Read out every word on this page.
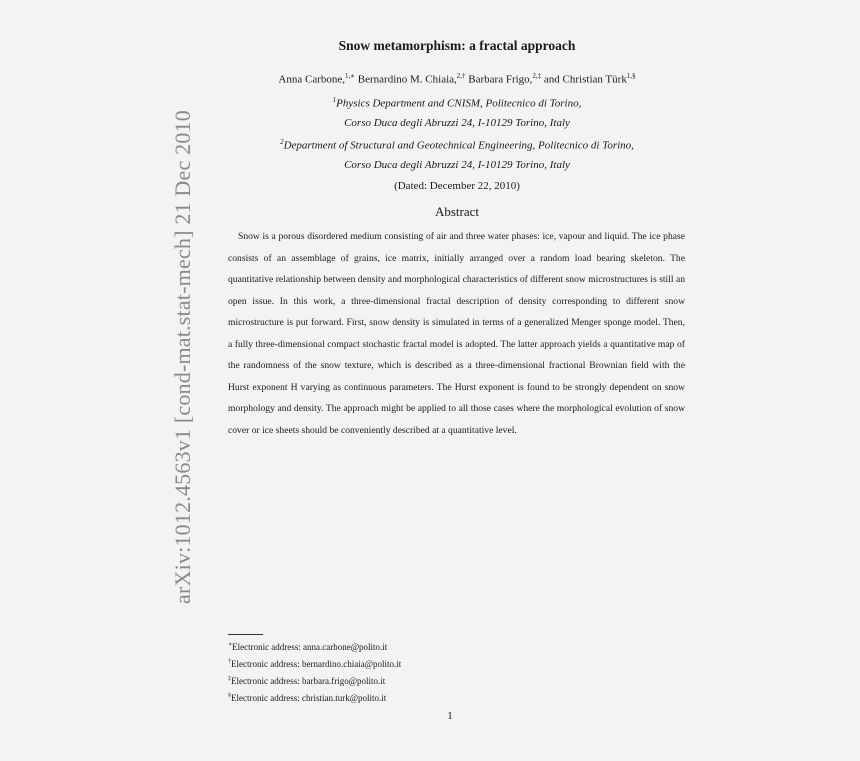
arXiv:1012.4563v1 [cond-mat.stat-mech] 21 Dec 2010
Snow metamorphism: a fractal approach
Anna Carbone,$^{1,∗}$ Bernardino M. Chiaia,$^{2,\dagger}$ Barbara Frigo,$^{2,\ddagger}$ and Christian Türk$^{1,\S}$
$^1$Physics Department and CNISM, Politecnico di Torino,
Corso Duca degli Abruzzi 24, I-10129 Torino, Italy
$^2$Department of Structural and Geotechnical Engineering, Politecnico di Torino,
Corso Duca degli Abruzzi 24, I-10129 Torino, Italy
(Dated: December 22, 2010)
Abstract

Snow is a porous disordered medium consisting of air and three water phases: ice, vapour and liquid. The ice phase consists of an assemblage of grains, ice matrix, initially arranged over a random load bearing skeleton. The quantitative relationship between density and morphological characteristics of different snow microstructures is still an open issue. In this work, a three-dimensional fractal description of density corresponding to different snow microstructure is put forward. First, snow density is simulated in terms of a generalized Menger sponge model. Then, a fully three-dimensional compact stochastic fractal model is adopted. The latter approach yields a quantitative map of the randomness of the snow texture, which is described as a three-dimensional fractional Brownian field with the Hurst exponent H varying as continuous parameters. The Hurst exponent is found to be strongly dependent on snow morphology and density. The approach might be applied to all those cases where the morphological evolution of snow cover or ice sheets should be conveniently described at a quantitative level.

∗Electronic address: anna.carbone@polito.it
†Electronic address: bernardino.chiaia@polito.it
‡Electronic address: barbara.frigo@polito.it
§Electronic address: christian.turk@polito.it
1
